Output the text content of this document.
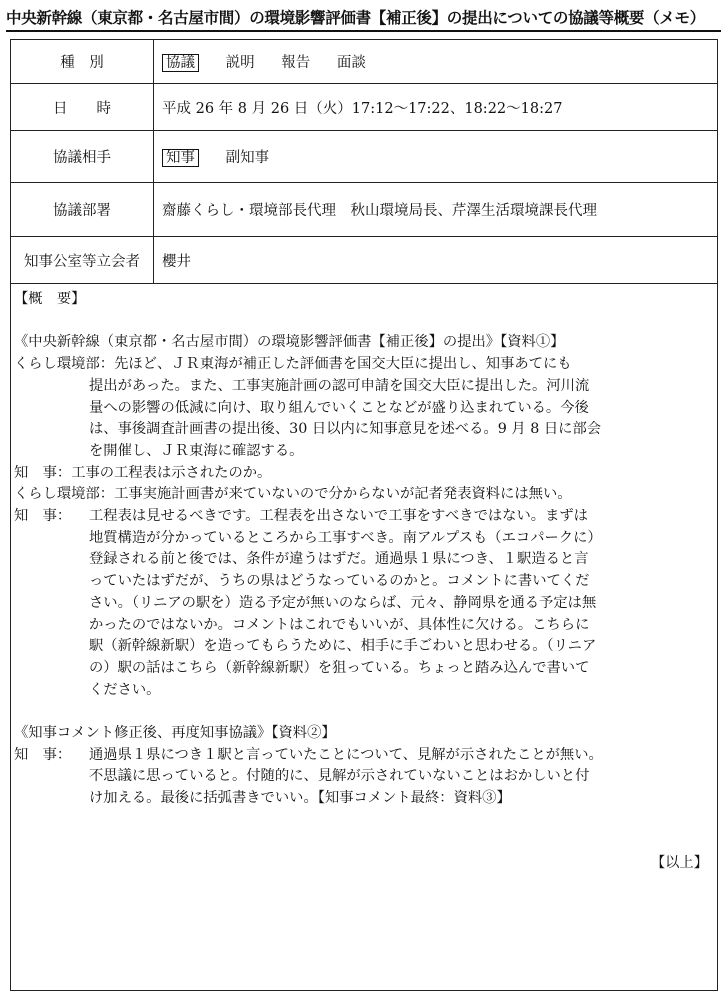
中央新幹線（東京都・名古屋市間）の環境影響評価書【補正後】の提出についての協議等概要（メモ）
種　別	協議 説明 報告 面談
日　　時	平成 26 年 8 月 26 日（火）17:12～17:22、18:22～18:27
協議相手	知事 副知事
協議部署	齋藤くらし・環境部長代理　秋山環境局長、芹澤生活環境課長代理
知事公室等立会者	櫻井
【概　要】
《中央新幹線（東京都・名古屋市間）の環境影響評価書【補正後】の提出》【資料①】
くらし環境部： 先ほど、ＪＲ東海が補正した評価書を国交大臣に提出し、知事あてにも
提出があった。また、工事実施計画の認可申請を国交大臣に提出した。河川流
量への影響の低減に向け、取り組んでいくことなどが盛り込まれている。今後
は、事後調査計画書の提出後、30 日以内に知事意見を述べる。9 月 8 日に部会
を開催し、ＪＲ東海に確認する。
知　事： 工事の工程表は示されたのか。
くらし環境部： 工事実施計画書が来ていないので分からないが記者発表資料には無い。
知　事：	工程表は見せるべきです。工程表を出さないで工事をすべきではない。まずは
地質構造が分かっているところから工事すべき。南アルプスも（エコパークに）
登録される前と後では、条件が違うはずだ。通過県１県につき、１駅造ると言
っていたはずだが、うちの県はどうなっているのかと。コメントに書いてくだ
さい。（リニアの駅を）造る予定が無いのならば、元々、静岡県を通る予定は無
かったのではないか。コメントはこれでもいいが、具体性に欠ける。こちらに
駅（新幹線新駅）を造ってもらうために、相手に手ごわいと思わせる。（リニア
の）駅の話はこちら（新幹線新駅）を狙っている。ちょっと踏み込んで書いて
ください。
《知事コメント修正後、再度知事協議》【資料②】
知　事：	通過県１県につき１駅と言っていたことについて、見解が示されたことが無い。
不思議に思っていると。付随的に、見解が示されていないことはおかしいと付
け加える。最後に括弧書きでいい。【知事コメント最終：資料③】
【以上】
